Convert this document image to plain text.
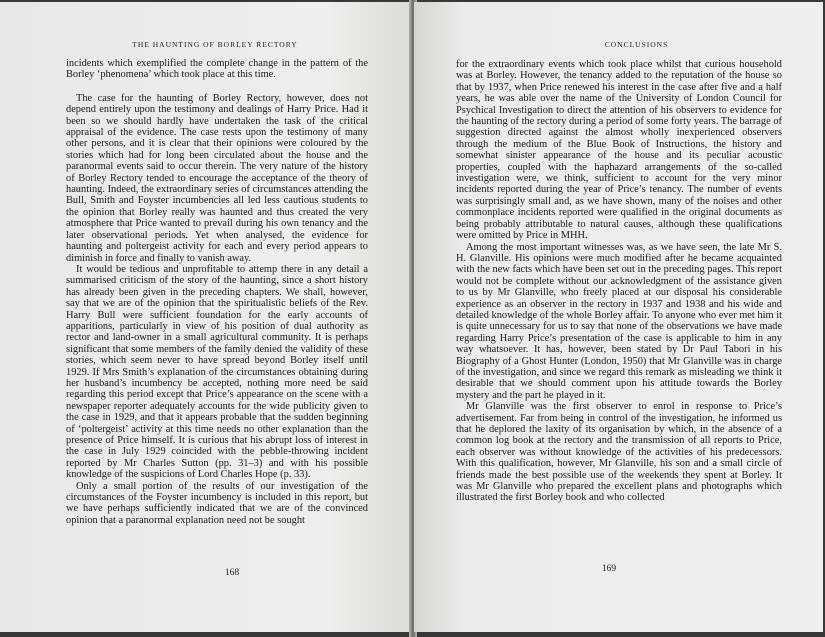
THE HAUNTING OF BORLEY RECTORY

incidents which exemplified the complete change in the pattern of the Borley ‘phenomena’ which took place at this time.

The case for the haunting of Borley Rectory, however, does not depend entirely upon the testimony and dealings of Harry Price. Had it been so we should hardly have undertaken the task of the critical appraisal of the evidence. The case rests upon the testimony of many other persons, and it is clear that their opinions were coloured by the stories which had for long been circulated about the house and the paranormal events said to occur therein. The very nature of the history of Borley Rectory tended to encourage the acceptance of the theory of haunting. Indeed, the extraordinary series of circumstances attending the Bull, Smith and Foyster incumbencies all led less cautious students to the opinion that Borley really was haunted and thus created the very atmosphere that Price wanted to prevail during his own tenancy and the later observational periods. Yet when analysed, the evidence for haunting and poltergeist activity for each and every period appears to diminish in force and finally to vanish away.

It would be tedious and unprofitable to attemp there in any detail a summarised criticism of the story of the haunting, since a short history has already been given in the preceding chapters. We shall, however, say that we are of the opinion that the spiritualistic beliefs of the Rev. Harry Bull were sufficient foundation for the early accounts of apparitions, particularly in view of his position of dual authority as rector and land-owner in a small agricultural community. It is perhaps significant that some members of the family denied the validity of these stories, which seem never to have spread beyond Borley itself until 1929. If Mrs Smith’s explanation of the circumstances obtaining during her husband’s incumbency be accepted, nothing more need be said regarding this period except that Price’s appearance on the scene with a newspaper reporter adequately accounts for the wide publicity given to the case in 1929, and that it appears probable that the sudden beginning of ‘poltergeist’ activity at this time needs no other explanation than the presence of Price himself. It is curious that his abrupt loss of interest in the case in July 1929 coincided with the pebble-throwing incident reported by Mr Charles Sutton (pp. 31–3) and with his possible knowledge of the suspicions of Lord Charles Hope (p. 33).

Only a small portion of the results of our investigation of the circumstances of the Foyster incumbency is included in this report, but we have perhaps sufficiently indicated that we are of the convinced opinion that a paranormal explanation need not be sought

168
CONCLUSIONS

for the extraordinary events which took place whilst that curious household was at Borley. However, the tenancy added to the reputation of the house so that by 1937, when Price renewed his interest in the case after five and a half years, he was able over the name of the University of London Council for Psychical Investigation to direct the attention of his observers to evidence for the haunting of the rectory during a period of some forty years. The barrage of suggestion directed against the almost wholly inexperienced observers through the medium of the Blue Book of Instructions, the history and somewhat sinister appearance of the house and its peculiar acoustic properties, coupled with the haphazard arrangements of the so-called investigation were, we think, sufficient to account for the very minor incidents reported during the year of Price’s tenancy. The number of events was surprisingly small and, as we have shown, many of the noises and other commonplace incidents reported were qualified in the original documents as being probably attributable to natural causes, although these qualifications were omitted by Price in MHH.

Among the most important witnesses was, as we have seen, the late Mr S. H. Glanville. His opinions were much modified after he became acquainted with the new facts which have been set out in the preceding pages. This report would not be complete without our acknowledgment of the assistance given to us by Mr Glanville, who freely placed at our disposal his considerable experience as an observer in the rectory in 1937 and 1938 and his wide and detailed knowledge of the whole Borley affair. To anyone who ever met him it is quite unnecessary for us to say that none of the observations we have made regarding Harry Price’s presentation of the case is applicable to him in any way whatsoever. It has, however, been stated by Dr Paul Tabori in his Biography of a Ghost Hunter (London, 1950) that Mr Glanville was in charge of the investigation, and since we regard this remark as misleading we think it desirable that we should comment upon his attitude towards the Borley mystery and the part he played in it.

Mr Glanville was the first observer to enrol in response to Price’s advertisement. Far from being in control of the investigation, he informed us that he deplored the laxity of its organisation by which, in the absence of a common log book at the rectory and the transmission of all reports to Price, each observer was without knowledge of the activities of his predecessors. With this qualification, however, Mr Glanville, his son and a small circle of friends made the best possible use of the weekends they spent at Borley. It was Mr Glanville who prepared the excellent plans and photographs which illustrated the first Borley book and who collected

169
